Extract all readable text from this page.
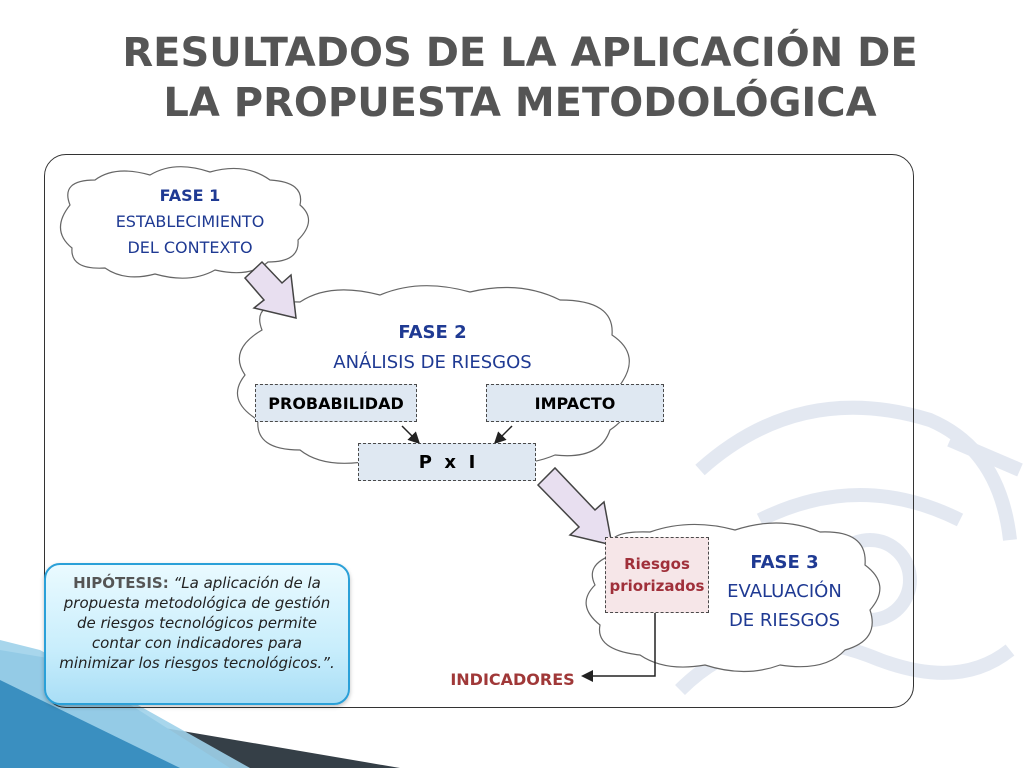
RESULTADOS DE LA APLICACIÓN DE
LA PROPUESTA METODOLÓGICA
FASE 1
ESTABLECIMIENTO
DEL CONTEXTO
FASE 2
ANÁLISIS DE RIESGOS
PROBABILIDAD	IMPACTO
P  x  I
Riesgos
priorizados
FASE 3
EVALUACIÓN
DE RIESGOS
INDICADORES
HIPÓTESIS: “La aplicación de la propuesta metodológica de gestión de riesgos tecnológicos permite contar con indicadores para minimizar los riesgos tecnológicos.”.
